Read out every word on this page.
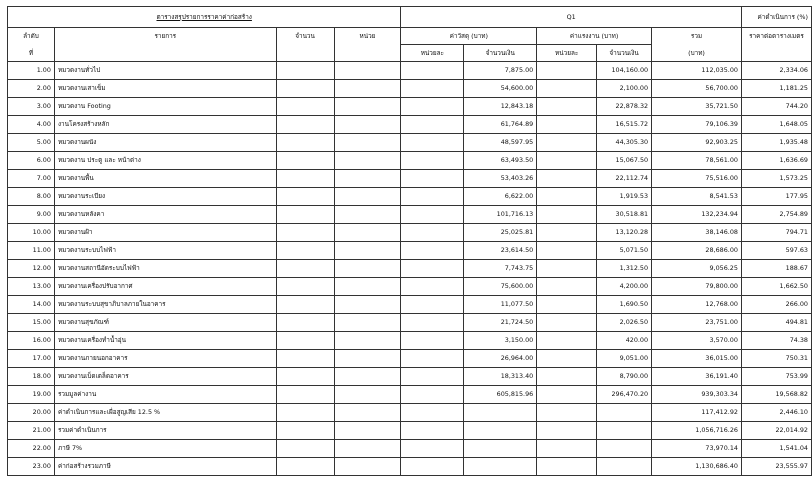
ตารางสรุปรายการราคาค่าก่อสร้าง				Q1					ค่าดำเนินการ (%)
ลำดับ	รายการ	จำนวน	หน่วย	ค่าวัสดุ (บาท)		ค่าแรงงาน (บาท)		รวม	ราคาต่อตารางเมตร
ที่				หน่วยละ	จำนวนเงิน	หน่วยละ	จำนวนเงิน	(บาท)	
1.00	หมวดงานทั่วไป				7,875.00		104,160.00	112,035.00	2,334.06
2.00	หมวดงานเสาเข็ม				54,600.00		2,100.00	56,700.00	1,181.25
3.00	หมวดงาน Footing				12,843.18		22,878.32	35,721.50	744.20
4.00	งานโครงสร้างหลัก				61,764.89		16,515.72	79,106.39	1,648.05
5.00	หมวดงานผนัง				48,597.95		44,305.30	92,903.25	1,935.48
6.00	หมวดงาน ประตู และ หน้าต่าง				63,493.50		15,067.50	78,561.00	1,636.69
7.00	หมวดงานพื้น				53,403.26		22,112.74	75,516.00	1,573.25
8.00	หมวดงานระเบียง				6,622.00		1,919.53	8,541.53	177.95
9.00	หมวดงานหลังคา				101,716.13		30,518.81	132,234.94	2,754.89
10.00	หมวดงานฝ้า				25,025.81		13,120.28	38,146.08	794.71
11.00	หมวดงานระบบไฟฟ้า				23,614.50		5,071.50	28,686.00	597.63
12.00	หมวดงานสถานีอัดระบบไฟฟ้า				7,743.75		1,312.50	9,056.25	188.67
13.00	หมวดงานเครื่องปรับอากาศ				75,600.00		4,200.00	79,800.00	1,662.50
14.00	หมวดงานระบบสุขาภิบาลภายในอาคาร				11,077.50		1,690.50	12,768.00	266.00
15.00	หมวดงานสุขภัณฑ์				21,724.50		2,026.50	23,751.00	494.81
16.00	หมวดงานเครื่องทำน้ำอุ่น				3,150.00		420.00	3,570.00	74.38
17.00	หมวดงานภายนอกอาคาร				26,964.00		9,051.00	36,015.00	750.31
18.00	หมวดงานเบ็ดเตล็ดอาคาร				18,313.40		8,790.00	36,191.40	753.99
19.00	รวมมูลค่างาน				605,815.96		296,470.20	939,303.34	19,568.82
20.00	ค่าดำเนินการและเผื่อสูญเสีย 12.5 %							117,412.92	2,446.10
21.00	รวมค่าดำเนินการ							1,056,716.26	22,014.92
22.00	ภาษี 7%							73,970.14	1,541.04
23.00	ค่าก่อสร้างรวมภาษี							1,130,686.40	23,555.97
